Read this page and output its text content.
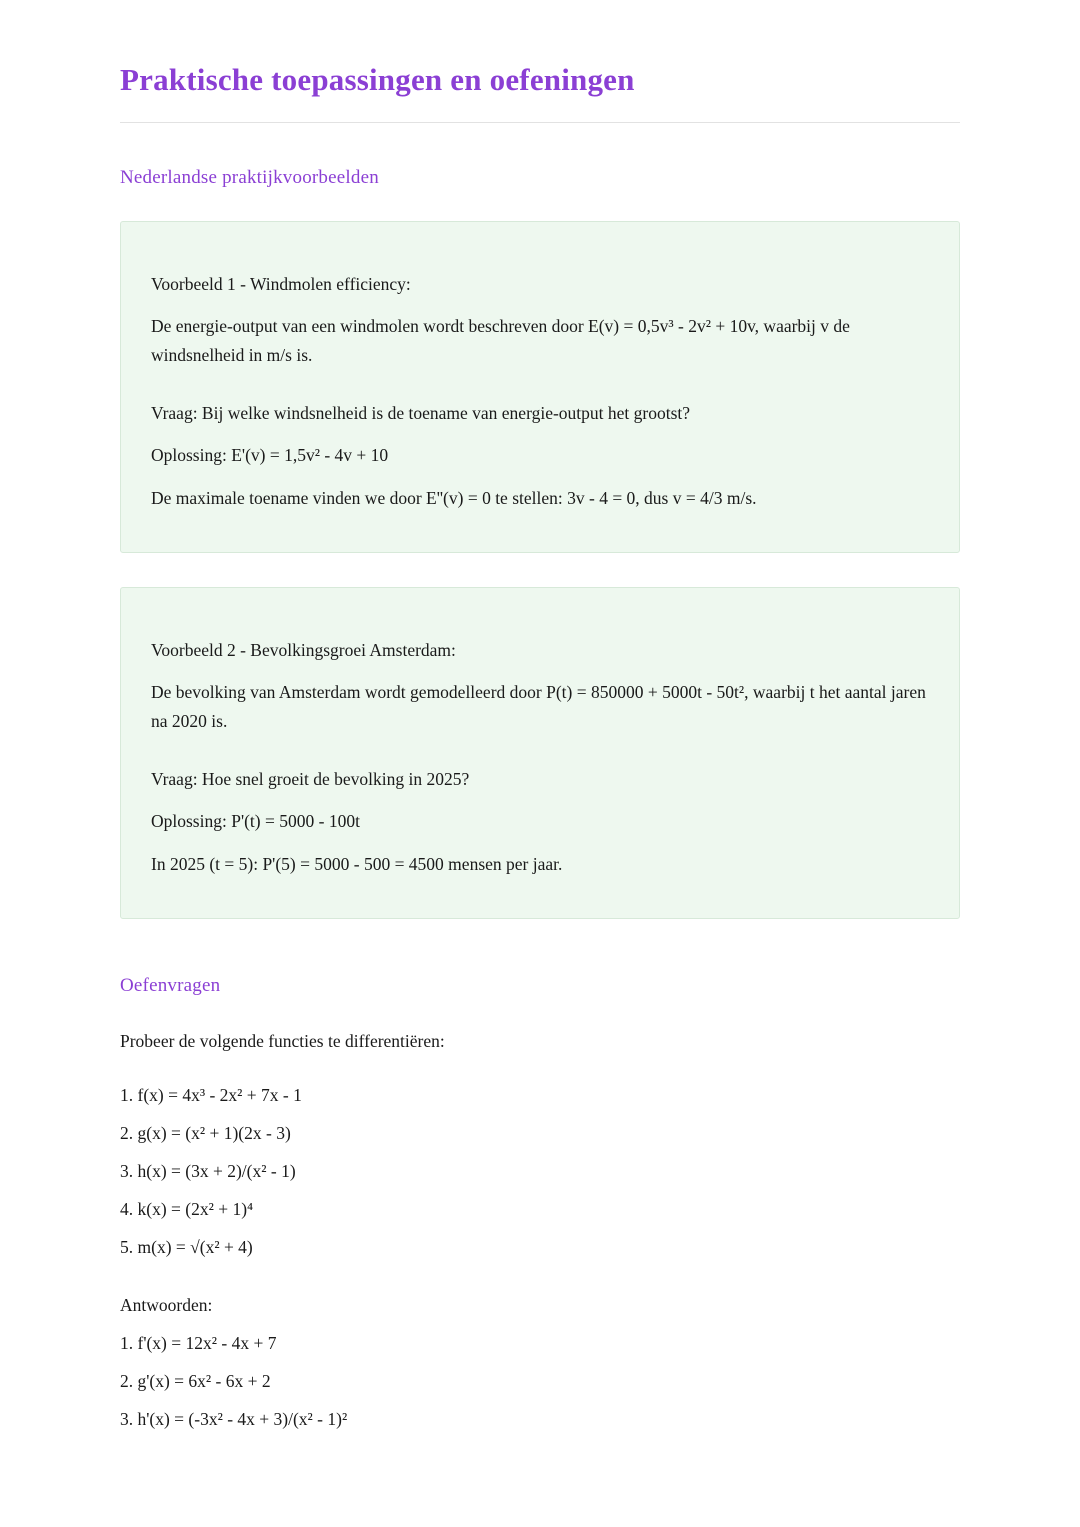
Praktische toepassingen en oefeningen
Nederlandse praktijkvoorbeelden

Voorbeeld 1 - Windmolen efficiency:

De energie-output van een windmolen wordt beschreven door E(v) = 0,5v³ - 2v² + 10v, waarbij v de windsnelheid in m/s is.

Vraag: Bij welke windsnelheid is de toename van energie-output het grootst?

Oplossing: E'(v) = 1,5v² - 4v + 10

De maximale toename vinden we door E''(v) = 0 te stellen: 3v - 4 = 0, dus v = 4/3 m/s.

Voorbeeld 2 - Bevolkingsgroei Amsterdam:

De bevolking van Amsterdam wordt gemodelleerd door P(t) = 850000 + 5000t - 50t², waarbij t het aantal jaren na 2020 is.

Vraag: Hoe snel groeit de bevolking in 2025?

Oplossing: P'(t) = 5000 - 100t

In 2025 (t = 5): P'(5) = 5000 - 500 = 4500 mensen per jaar.

Oefenvragen

Probeer de volgende functies te differentiëren:

1. f(x) = 4x³ - 2x² + 7x - 1

2. g(x) = (x² + 1)(2x - 3)

3. h(x) = (3x + 2)/(x² - 1)

4. k(x) = (2x² + 1)⁴

5. m(x) = √(x² + 4)

Antwoorden:

1. f'(x) = 12x² - 4x + 7

2. g'(x) = 6x² - 6x + 2

3. h'(x) = (-3x² - 4x + 3)/(x² - 1)²
